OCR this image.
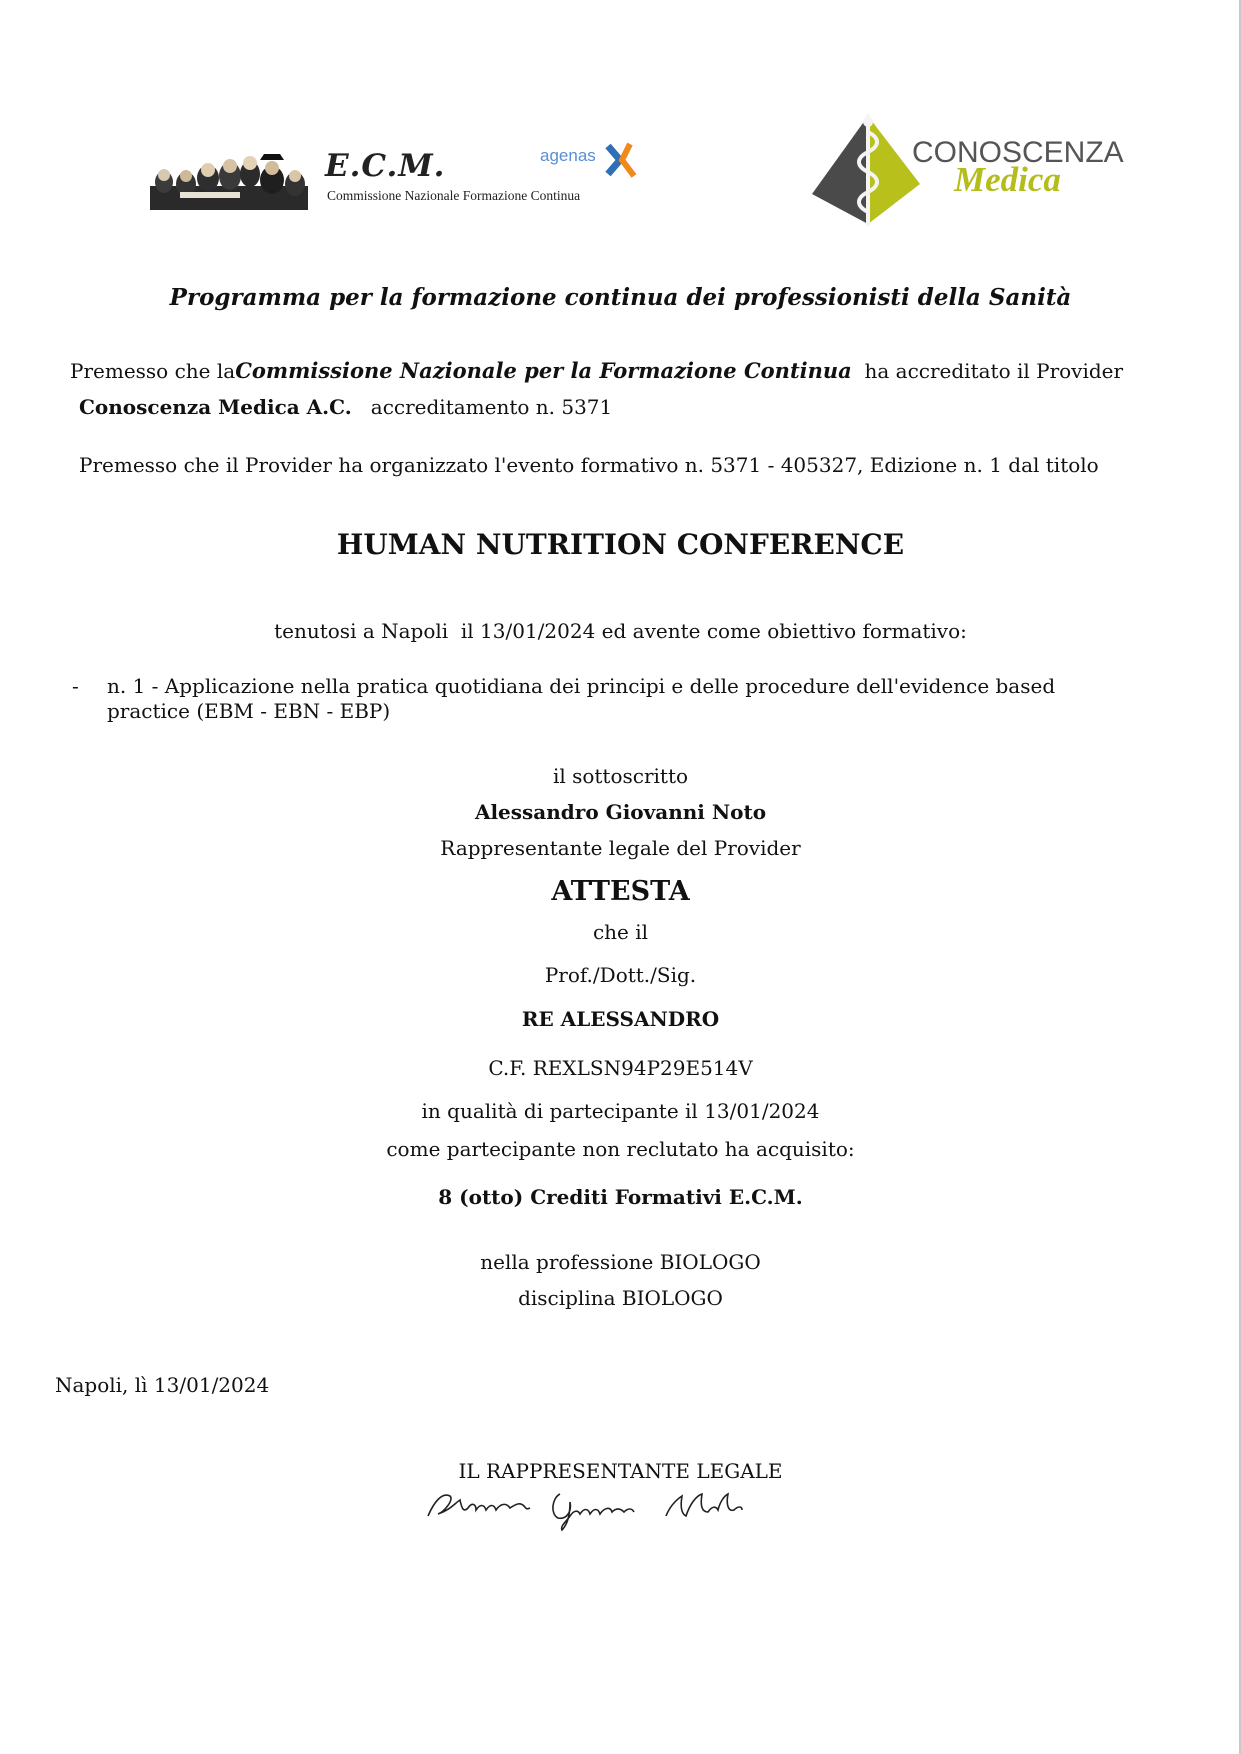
E.C.M.
Commissione Nazionale Formazione Continua
agenas	CONOSCENZA
Medica
Programma per la formazione continua dei professionisti della Sanità
Premesso che laCommissione Nazionale per la Formazione Continua ha accreditato il Provider
Conoscenza Medica A.C. accreditamento n. 5371
Premesso che il Provider ha organizzato l'evento formativo n. 5371 - 405327, Edizione n. 1 dal titolo
HUMAN NUTRITION CONFERENCE
tenutosi a Napoli  il 13/01/2024 ed avente come obiettivo formativo:
- n. 1 - Applicazione nella pratica quotidiana dei principi e delle procedure dell'evidence based practice (EBM - EBN - EBP)
il sottoscritto
Alessandro Giovanni Noto
Rappresentante legale del Provider
ATTESTA
che il
Prof./Dott./Sig.
RE ALESSANDRO
C.F. REXLSN94P29E514V
in qualità di partecipante il 13/01/2024
come partecipante non reclutato ha acquisito:
8 (otto) Crediti Formativi E.C.M.
nella professione BIOLOGO
disciplina BIOLOGO
Napoli, lì 13/01/2024
IL RAPPRESENTANTE LEGALE
